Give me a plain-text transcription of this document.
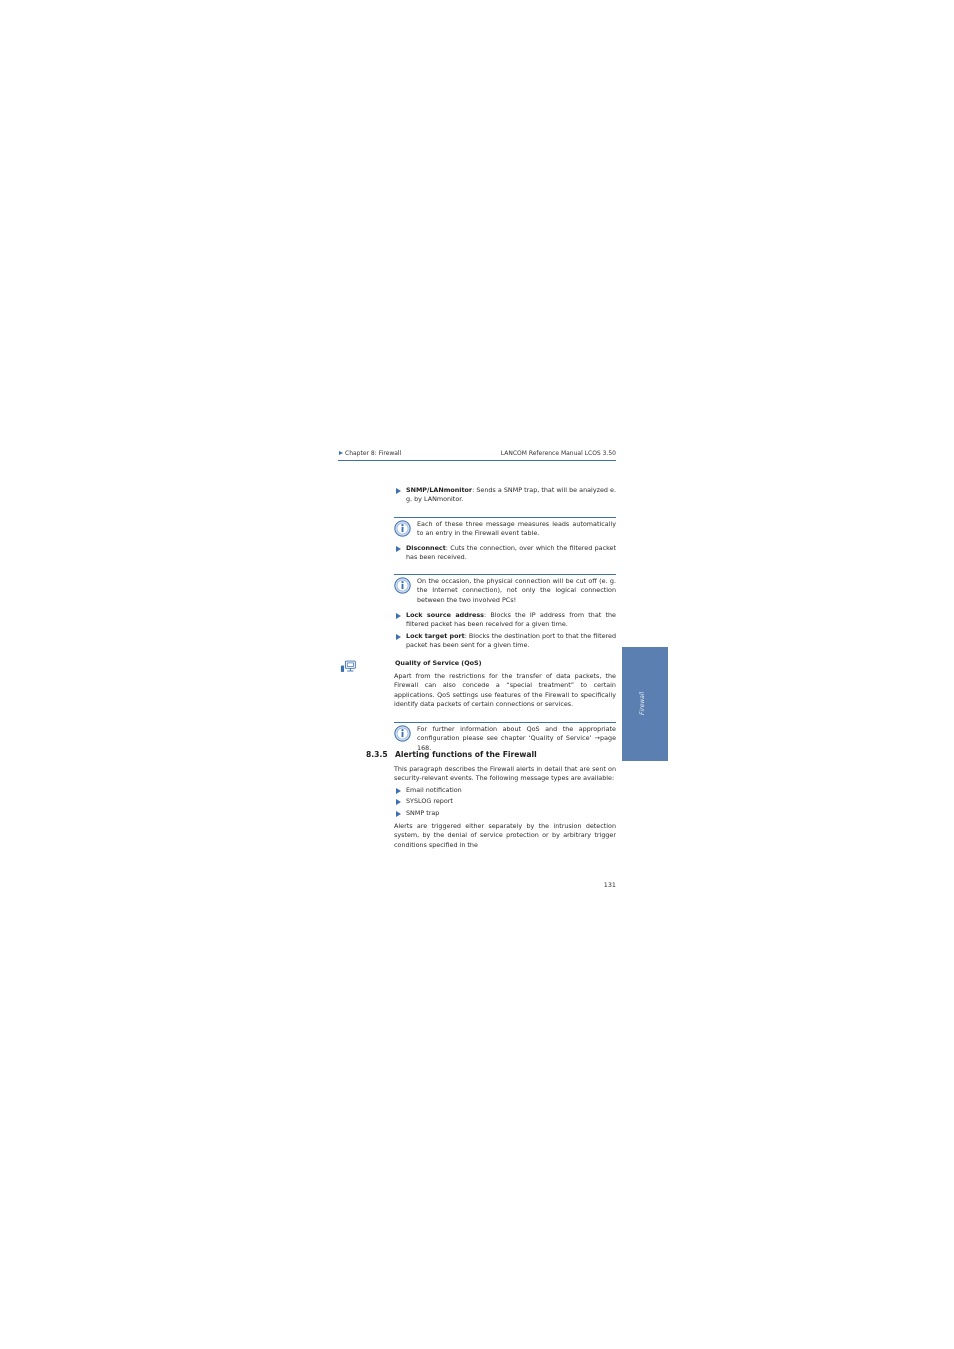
Chapter 8: Firewall	LANCOM Reference Manual LCOS 3.50
SNMP/LANmonitor: Sends a SNMP trap, that will be analyzed e. g. by LANmonitor.
Each of these three message measures leads automatically to an entry in the Firewall event table.
Disconnect: Cuts the connection, over which the filtered packet has been received.
On the occasion, the physical connection will be cut off (e. g. the Internet connection), not only the logical connection between the two involved PCs!
Lock source address: Blocks the IP address from that the filtered packet has been received for a given time.
Lock target port: Blocks the destination port to that the filtered packet has been sent for a given time.
Quality of Service (QoS)
Apart from the restrictions for the transfer of data packets, the Firewall can also concede a “special treatment” to certain applications. QoS settings use features of the Firewall to specifically identify data packets of certain connections or services.
For further information about QoS and the appropriate configuration please see chapter ‘Quality of Service’ →page 168.
8.3.5 Alerting functions of the Firewall
This paragraph describes the Firewall alerts in detail that are sent on security-relevant events. The following message types are available:
Email notification
SYSLOG report
SNMP trap
Alerts are triggered either separately by the intrusion detection system, by the denial of service protection or by arbitrary trigger conditions specified in the
Firewall
131
